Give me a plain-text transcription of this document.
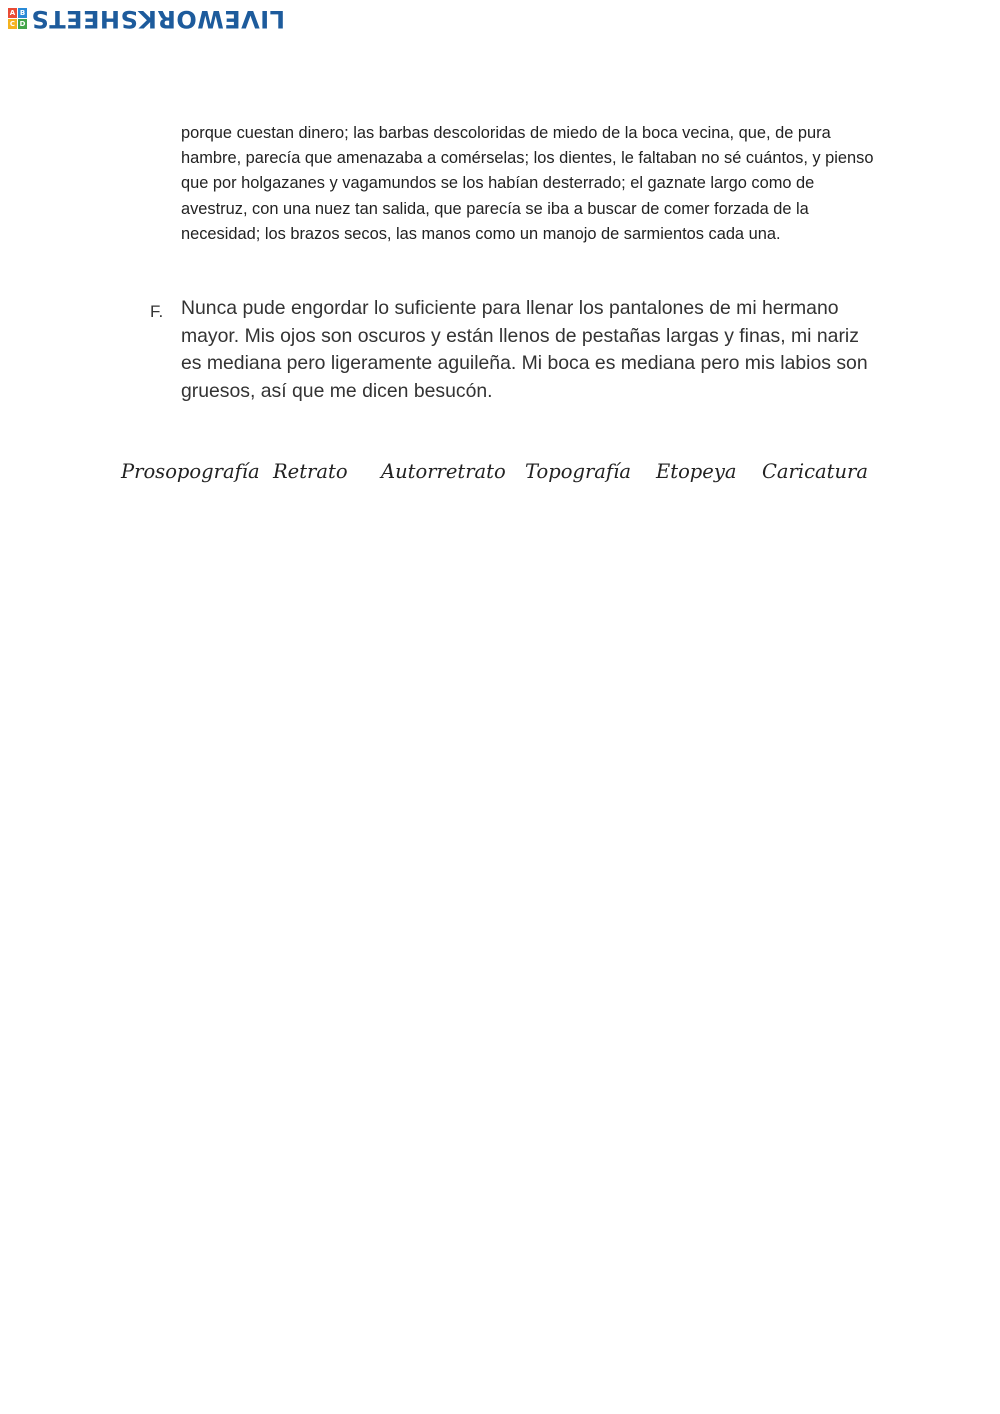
A B
C D LIVEWORKSHEETS
porque cuestan dinero; las barbas descoloridas de miedo de la boca vecina, que, de pura hambre, parecía que amenazaba a comérselas; los dientes, le faltaban no sé cuántos, y pienso que por holgazanes y vagamundos se los habían desterrado; el gaznate largo como de avestruz, con una nuez tan salida, que parecía se iba a buscar de comer forzada de la necesidad; los brazos secos, las manos como un manojo de sarmientos cada una.
F. Nunca pude engordar lo suficiente para llenar los pantalones de mi hermano mayor. Mis ojos son oscuros y están llenos de pestañas largas y finas, mi nariz es mediana pero ligeramente aguileña. Mi boca es mediana pero mis labios son gruesos, así que me dicen besucón.
Prosopografía Retrato Autorretrato Topografía Etopeya Caricatura
